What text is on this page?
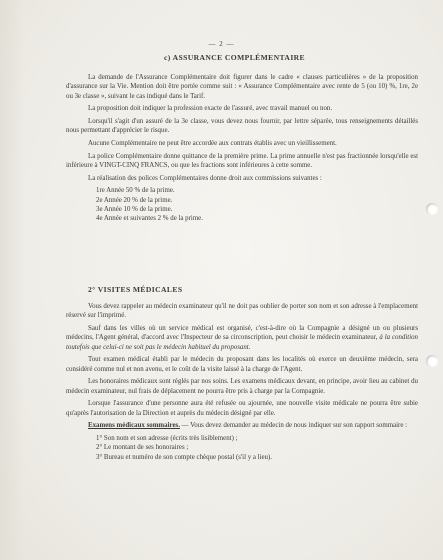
— 2 —
c) ASSURANCE COMPLÉMENTAIRE

La demande de l'Assurance Complémentaire doit figurer dans le cadre « clauses particulières » de la proposition d'assurance sur la Vie. Mention doit être portée comme suit : « Assurance Complémentaire avec rente de 5 (ou 10) %, 1re, 2e ou 3e classe », suivant le cas indiqué dans le Tarif.

La proposition doit indiquer la profession exacte de l'assuré, avec travail manuel ou non.

Lorsqu'il s'agit d'un assuré de la 3e classe, vous devez nous fournir, par lettre séparée, tous renseignements détaillés nous permettant d'apprécier le risque.

Aucune Complémentaire ne peut être accordée aux contrats établis avec un vieillissement.

La police Complémentaire donne quittance de la première prime. La prime annuelle n'est pas fractionnée lorsqu'elle est inférieure à VINGT-CINQ FRANCS, ou que les fractions sont inférieures à cette somme.

La réalisation des polices Complémentaires donne droit aux commissions suivantes :

1re Année 50 % de la prime.
2e Année 20 % de la prime.
3e Année 10 % de la prime.
4e Année et suivantes 2 % de la prime.
2° VISITES MÉDICALES

Vous devez rappeler au médecin examinateur qu'il ne doit pas oublier de porter son nom et son adresse à l'emplacement réservé sur l'imprimé.

Sauf dans les villes où un service médical est organisé, c'est-à-dire où la Compagnie a désigné un ou plusieurs médecins, l'Agent général, d'accord avec l'Inspecteur de sa circonscription, peut choisir le médecin examinateur, à la condition toutefois que celui-ci ne soit pas le médecin habituel du proposant.

Tout examen médical établi par le médecin du proposant dans les localités où exerce un deuxième médecin, sera considéré comme nul et non avenu, et le coût de la visite laissé à la charge de l'Agent.

Les honoraires médicaux sont réglés par nos soins. Les examens médicaux devant, en principe, avoir lieu au cabinet du médecin examinateur, nul frais de déplacement ne pourra être pris à charge par la Compagnie.

Lorsque l'assurance d'une personne aura été refusée ou ajournée, une nouvelle visite médicale ne pourra être subie qu'après l'autorisation de la Direction et auprès du médecin désigné par elle.

Examens médicaux sommaires. — Vous devez demander au médecin de nous indiquer sur son rapport sommaire :

1° Son nom et son adresse (écrits très lisiblement) ;
2° Le montant de ses honoraires ;
3° Bureau et numéro de son compte chèque postal (s'il y a lieu).
